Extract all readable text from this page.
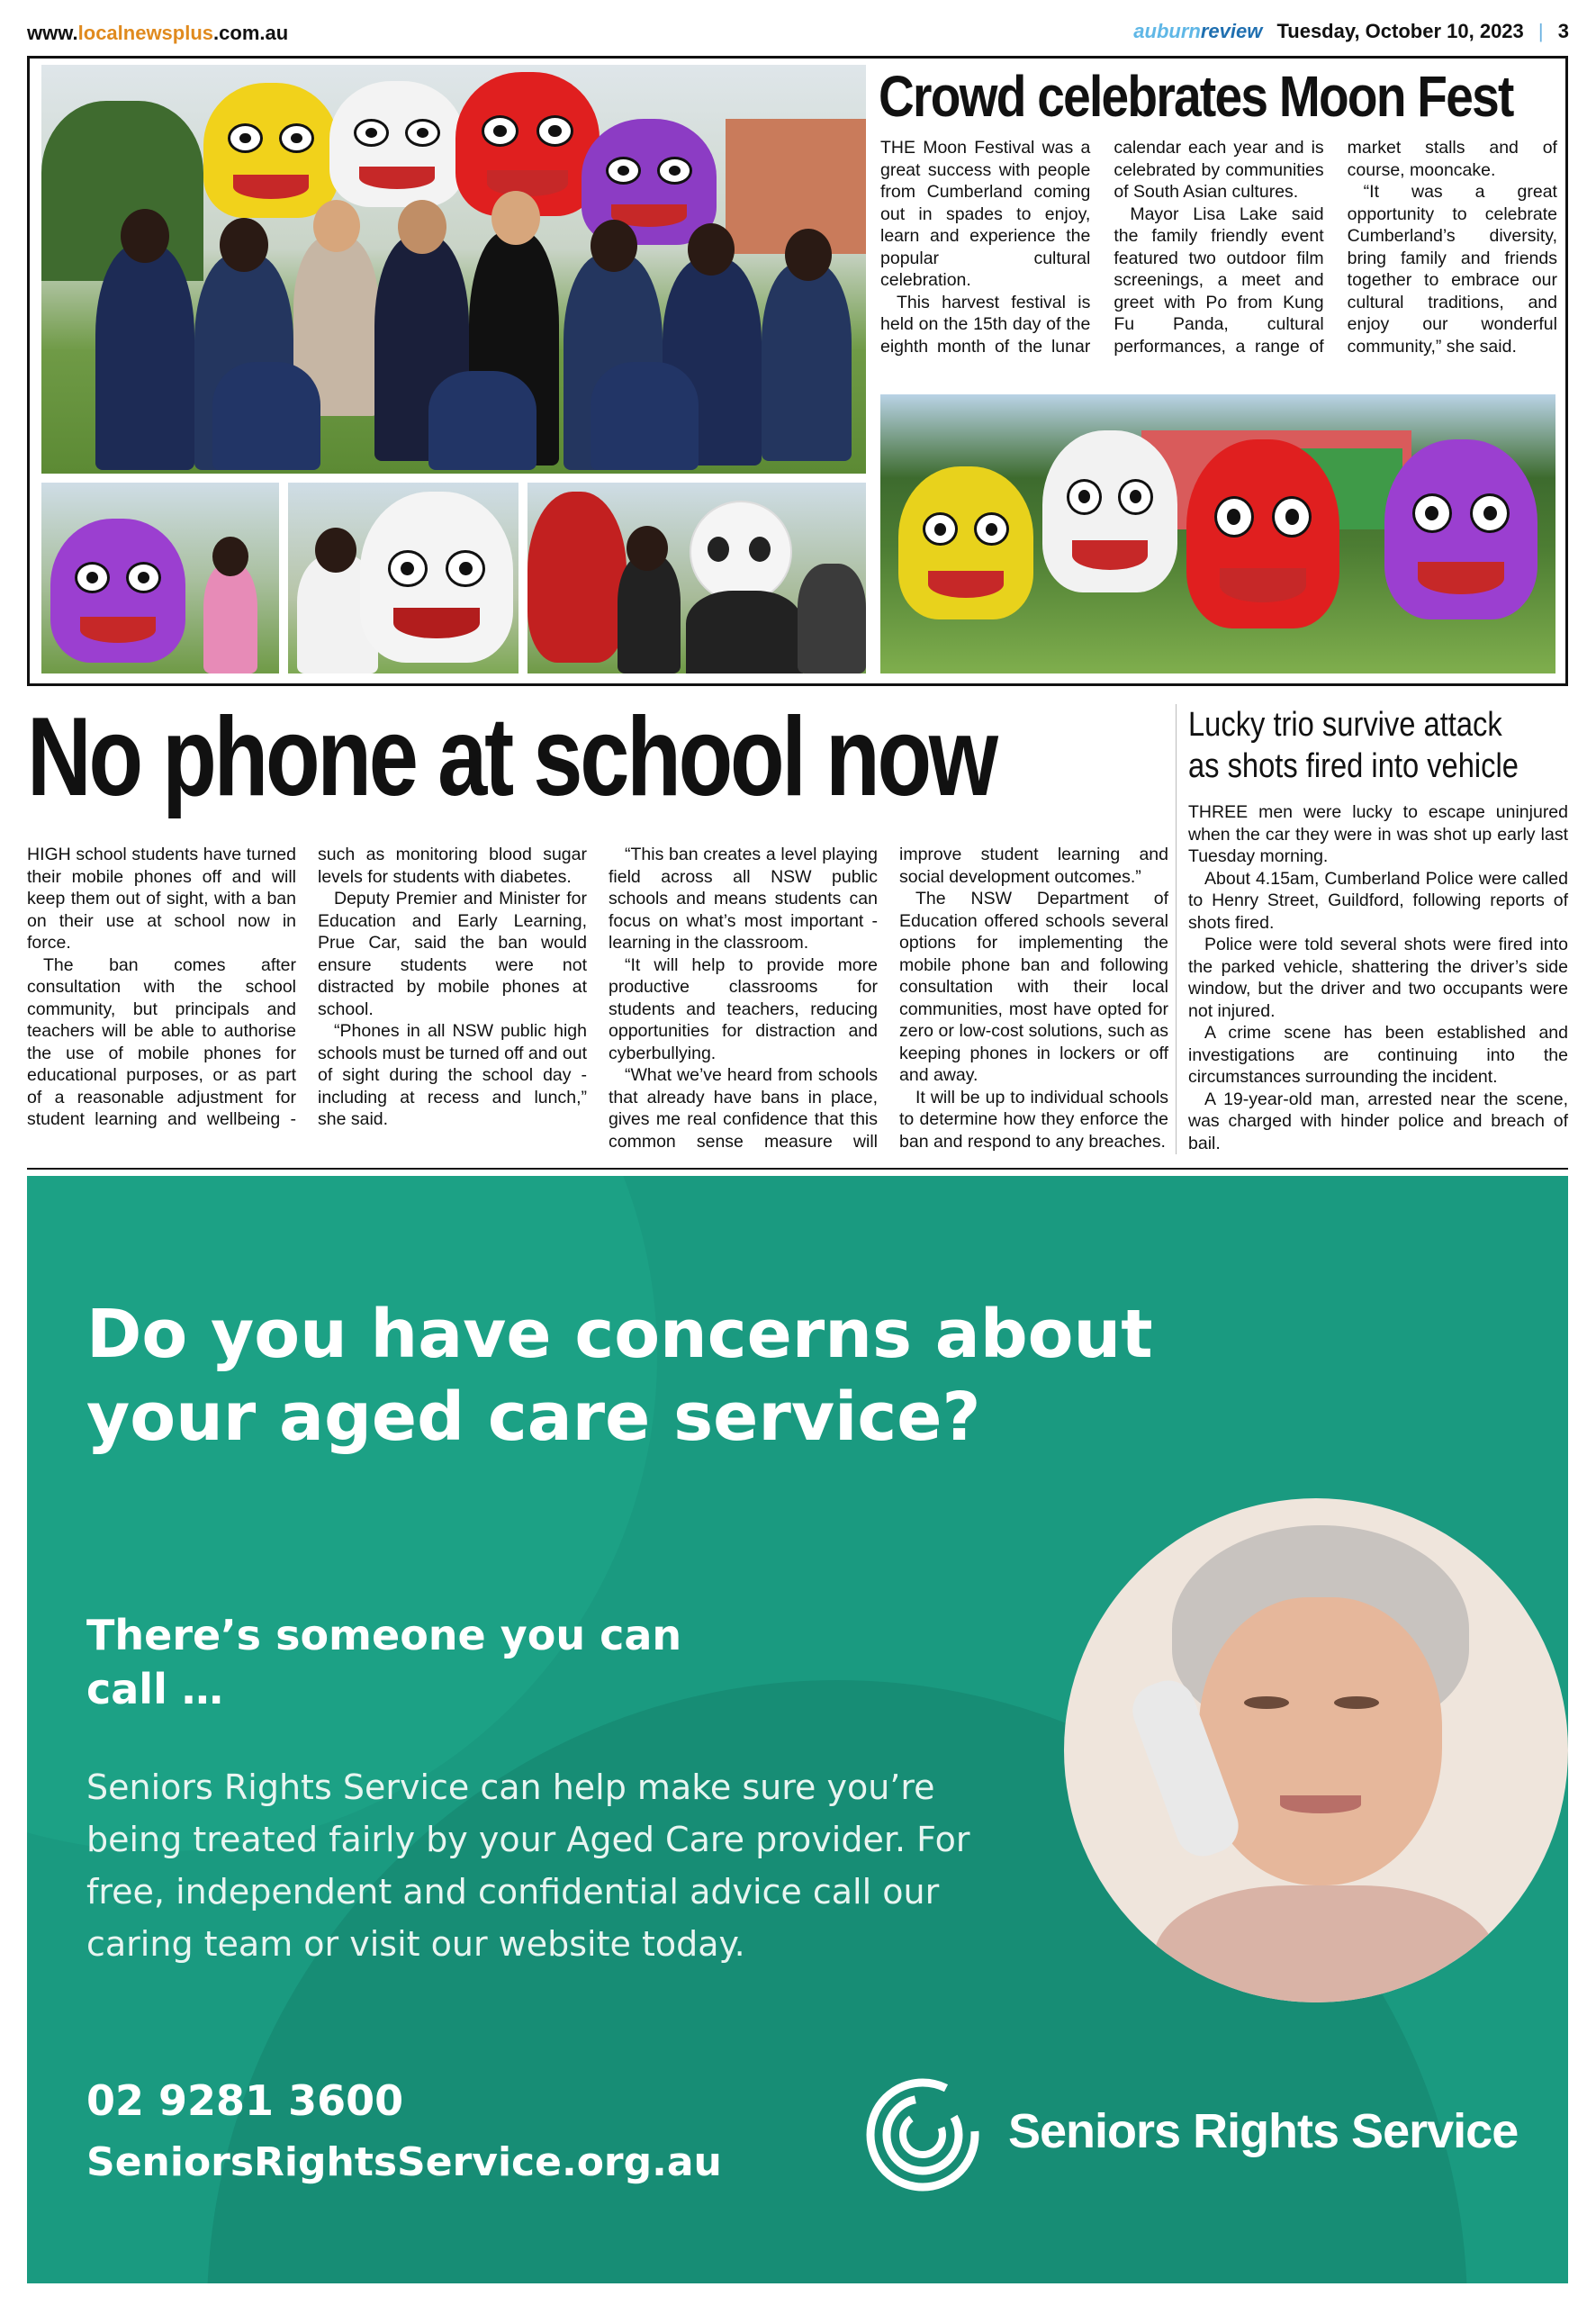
www.localnewsplus.com.au	auburnreview Tuesday, October 10, 2023 | 3
Crowd celebrates Moon Fest

THE Moon Festival was a great success with people from Cumberland coming out in spades to enjoy, learn and experience the popular cultural celebration.

This harvest festival is held on the 15th day of the eighth month of the lunar calendar each year and is celebrated by communities of South Asian cultures.

Mayor Lisa Lake said the family friendly event featured two outdoor film screenings, a meet and greet with Po from Kung Fu Panda, cultural performances, a range of market stalls and of course, mooncake.

“It was a great opportunity to celebrate Cumberland’s diversity, bring family and friends together to embrace our cultural traditions, and enjoy our wonderful community,” she said.

No phone at school now

HIGH school students have turned their mobile phones off and will keep them out of sight, with a ban on their use at school now in force.

The ban comes after consultation with the school community, but principals and teachers will be able to authorise the use of mobile phones for educational purposes, or as part of a reasonable adjustment for student learning and wellbeing - such as monitoring blood sugar levels for students with diabetes.

Deputy Premier and Minister for Education and Early Learning, Prue Car, said the ban would ensure students were not distracted by mobile phones at school.

“Phones in all NSW public high schools must be turned off and out of sight during the school day - including at recess and lunch,” she said.

“This ban creates a level playing field across all NSW public schools and means students can focus on what’s most important - learning in the classroom.

“It will help to provide more productive classrooms for students and teachers, reducing opportunities for distraction and cyberbullying.

“What we’ve heard from schools that already have bans in place, gives me real confidence that this common sense measure will improve student learning and social development outcomes.”

The NSW Department of Education offered schools several options for implementing the mobile phone ban and following consultation with their local communities, most have opted for zero or low-cost solutions, such as keeping phones in lockers or off and away.

It will be up to individual schools to determine how they enforce the ban and respond to any breaches.

Lucky trio survive attack
as shots fired into vehicle

THREE men were lucky to escape uninjured when the car they were in was shot up early last Tuesday morning.

About 4.15am, Cumberland Police were called to Henry Street, Guildford, following reports of shots fired.

Police were told several shots were fired into the parked vehicle, shattering the driver’s side window, but the driver and two occupants were not injured.

A crime scene has been established and investigations are continuing into the circumstances surrounding the incident.

A 19-year-old man, arrested near the scene, was charged with hinder police and breach of bail.

Do you have concerns about your aged care service?
There’s someone you can call …
Seniors Rights Service can help make sure you’re being treated fairly by your Aged Care provider. For free, independent and confidential advice call our caring team or visit our website today.
02 9281 3600
SeniorsRightsService.org.au
Seniors Rights Service
